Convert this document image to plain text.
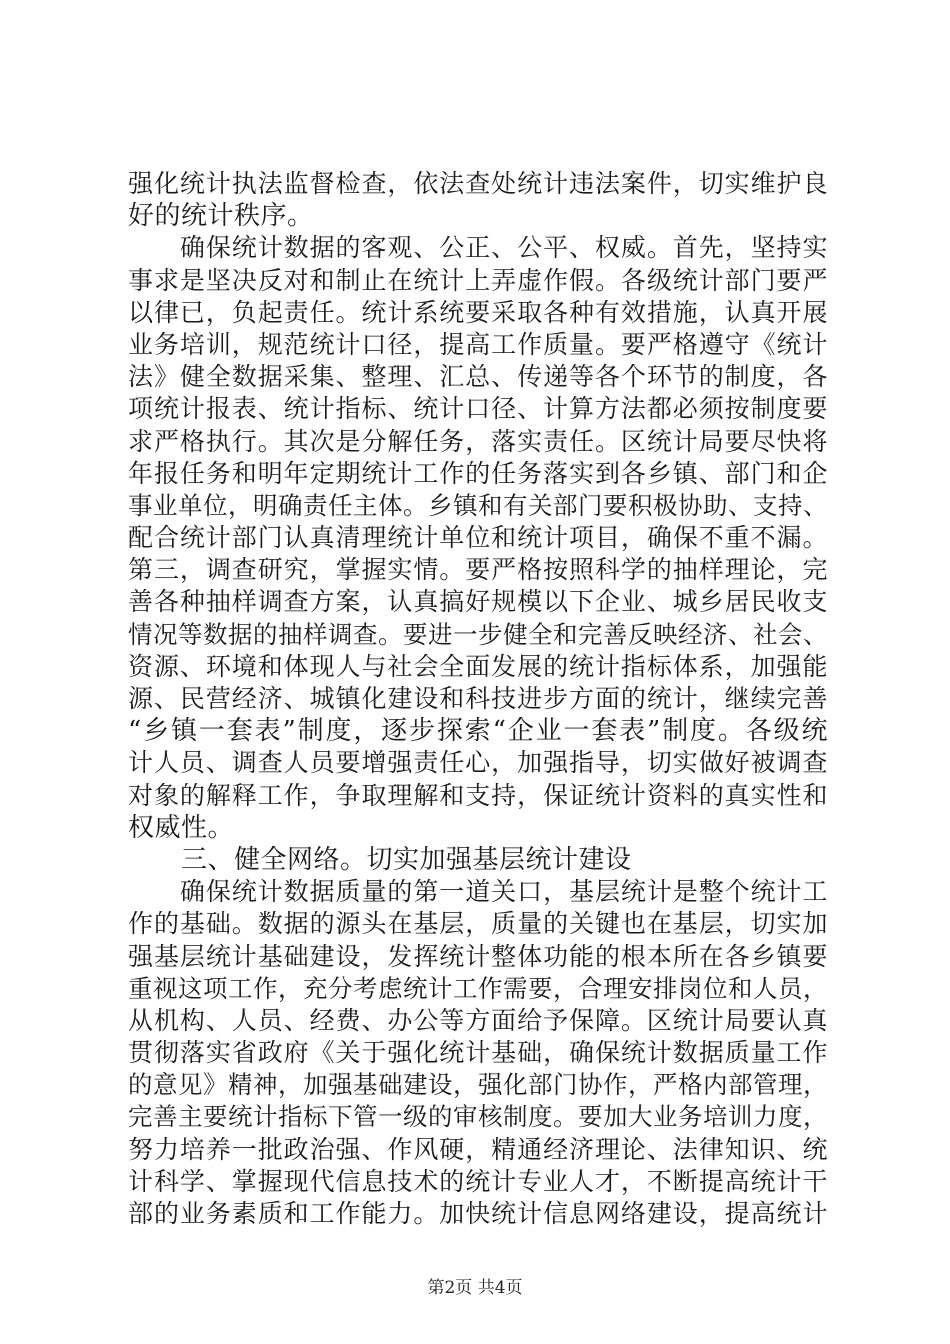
强化统计执法监督检查，依法查处统计违法案件，切实维护良
好的统计秩序。
　　确保统计数据的客观、公正、公平、权威。首先，坚持实
事求是坚决反对和制止在统计上弄虚作假。各级统计部门要严
以律已，负起责任。统计系统要采取各种有效措施，认真开展
业务培训，规范统计口径，提高工作质量。要严格遵守《统计
法》健全数据采集、整理、汇总、传递等各个环节的制度，各
项统计报表、统计指标、统计口径、计算方法都必须按制度要
求严格执行。其次是分解任务，落实责任。区统计局要尽快将
年报任务和明年定期统计工作的任务落实到各乡镇、部门和企
事业单位，明确责任主体。乡镇和有关部门要积极协助、支持、
配合统计部门认真清理统计单位和统计项目，确保不重不漏。
第三，调查研究，掌握实情。要严格按照科学的抽样理论，完
善各种抽样调查方案，认真搞好规模以下企业、城乡居民收支
情况等数据的抽样调查。要进一步健全和完善反映经济、社会、
资源、环境和体现人与社会全面发展的统计指标体系，加强能
源、民营经济、城镇化建设和科技进步方面的统计，继续完善
“乡镇一套表”制度，逐步探索“企业一套表”制度。各级统
计人员、调查人员要增强责任心，加强指导，切实做好被调查
对象的解释工作，争取理解和支持，保证统计资料的真实性和
权威性。
　　三、健全网络。切实加强基层统计建设
　　确保统计数据质量的第一道关口，基层统计是整个统计工
作的基础。数据的源头在基层，质量的关键也在基层，切实加
强基层统计基础建设，发挥统计整体功能的根本所在各乡镇要
重视这项工作，充分考虑统计工作需要，合理安排岗位和人员，
从机构、人员、经费、办公等方面给予保障。区统计局要认真
贯彻落实省政府《关于强化统计基础，确保统计数据质量工作
的意见》精神，加强基础建设，强化部门协作，严格内部管理，
完善主要统计指标下管一级的审核制度。要加大业务培训力度，
努力培养一批政治强、作风硬，精通经济理论、法律知识、统
计科学、掌握现代信息技术的统计专业人才，不断提高统计干
部的业务素质和工作能力。加快统计信息网络建设，提高统计
第2页 共4页
